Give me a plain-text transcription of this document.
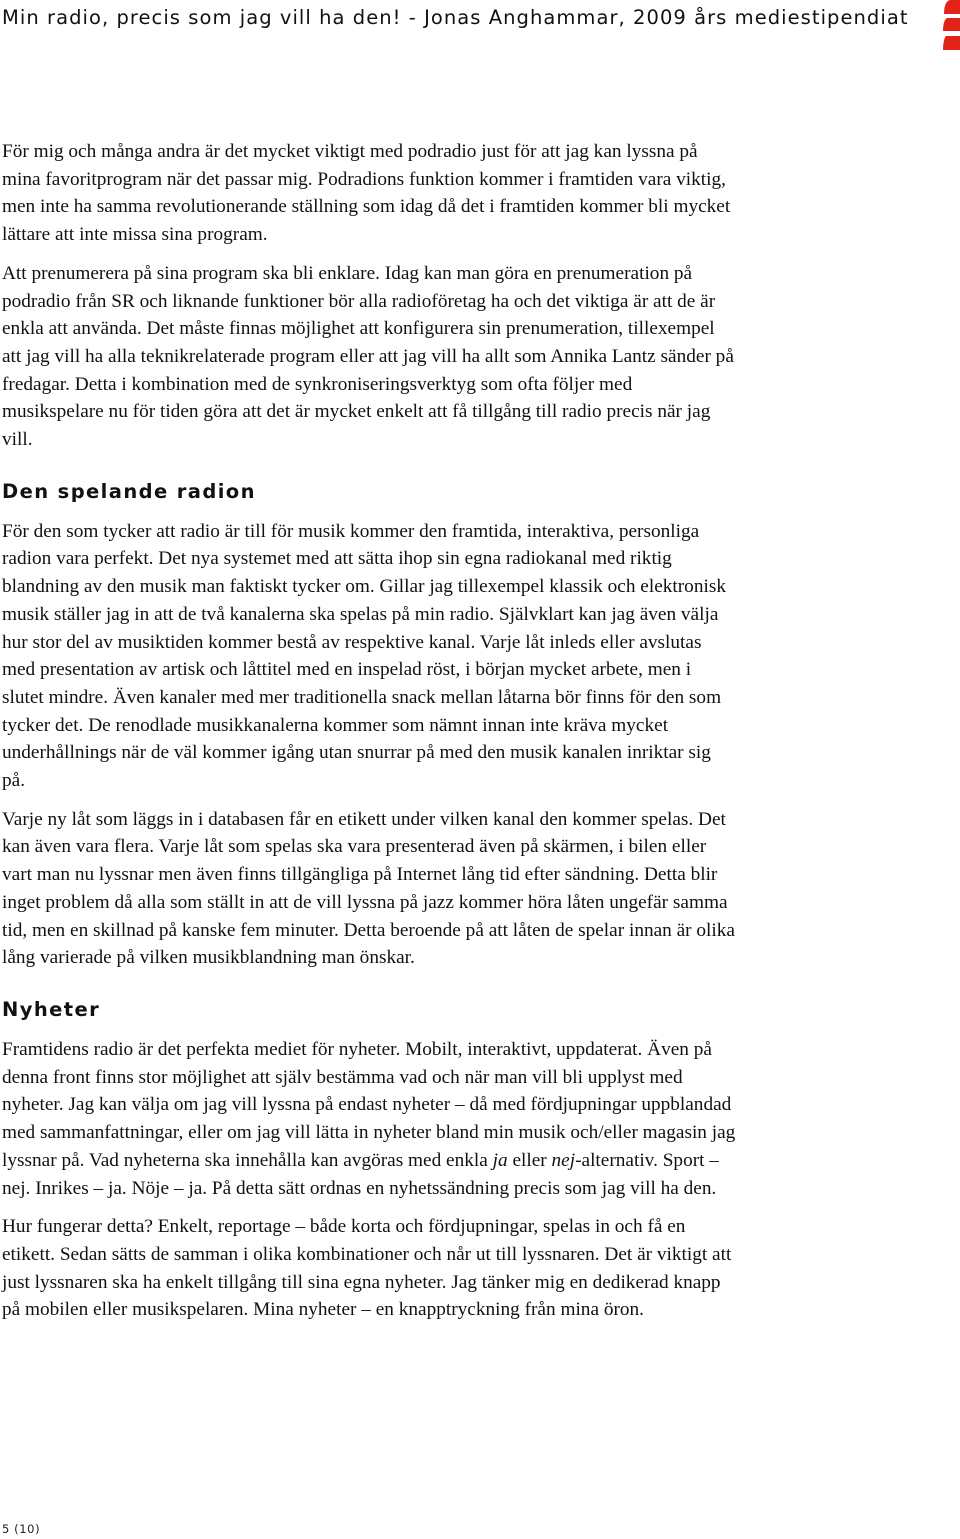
Min radio, precis som jag vill ha den! - Jonas Anghammar, 2009 års mediestipendiat

För mig och många andra är det mycket viktigt med podradio just för att jag kan lyssna på mina favoritprogram när det passar mig. Podradions funktion kommer i framtiden vara viktig, men inte ha samma revolutionerande ställning som idag då det i framtiden kommer bli mycket lättare att inte missa sina program.

Att prenumerera på sina program ska bli enklare. Idag kan man göra en prenumeration på podradio från SR och liknande funktioner bör alla radioföretag ha och det viktiga är att de är enkla att använda. Det måste finnas möjlighet att konfigurera sin prenumeration, tillexempel att jag vill ha alla teknikrelaterade program eller att jag vill ha allt som Annika Lantz sänder på fredagar. Detta i kombination med de synkroniseringsverktyg som ofta följer med musikspelare nu för tiden göra att det är mycket enkelt att få tillgång till radio precis när jag vill.

Den spelande radion

För den som tycker att radio är till för musik kommer den framtida, interaktiva, personliga radion vara perfekt. Det nya systemet med att sätta ihop sin egna radiokanal med riktig blandning av den musik man faktiskt tycker om. Gillar jag tillexempel klassik och elektronisk musik ställer jag in att de två kanalerna ska spelas på min radio. Självklart kan jag även välja hur stor del av musiktiden kommer bestå av respektive kanal. Varje låt inleds eller avslutas med presentation av artisk och låttitel med en inspelad röst, i början mycket arbete, men i slutet mindre. Även kanaler med mer traditionella snack mellan låtarna bör finns för den som tycker det. De renodlade musikkanalerna kommer som nämnt innan inte kräva mycket underhållnings när de väl kommer igång utan snurrar på med den musik kanalen inriktar sig på.

Varje ny låt som läggs in i databasen får en etikett under vilken kanal den kommer spelas. Det kan även vara flera. Varje låt som spelas ska vara presenterad även på skärmen, i bilen eller vart man nu lyssnar men även finns tillgängliga på Internet lång tid efter sändning. Detta blir inget problem då alla som ställt in att de vill lyssna på jazz kommer höra låten ungefär samma tid, men en skillnad på kanske fem minuter. Detta beroende på att låten de spelar innan är olika lång varierade på vilken musikblandning man önskar.

Nyheter

Framtidens radio är det perfekta mediet för nyheter. Mobilt, interaktivt, uppdaterat. Även på denna front finns stor möjlighet att själv bestämma vad och när man vill bli upplyst med nyheter. Jag kan välja om jag vill lyssna på endast nyheter – då med fördjupningar uppblandad med sammanfattningar, eller om jag vill lätta in nyheter bland min musik och/eller magasin jag lyssnar på. Vad nyheterna ska innehålla kan avgöras med enkla ja eller nej-alternativ. Sport – nej. Inrikes – ja. Nöje – ja. På detta sätt ordnas en nyhetssändning precis som jag vill ha den.

Hur fungerar detta? Enkelt, reportage – både korta och fördjupningar, spelas in och få en etikett. Sedan sätts de samman i olika kombinationer och når ut till lyssnaren. Det är viktigt att just lyssnaren ska ha enkelt tillgång till sina egna nyheter. Jag tänker mig en dedikerad knapp på mobilen eller musikspelaren. Mina nyheter – en knapptryckning från mina öron.

5 (10)
